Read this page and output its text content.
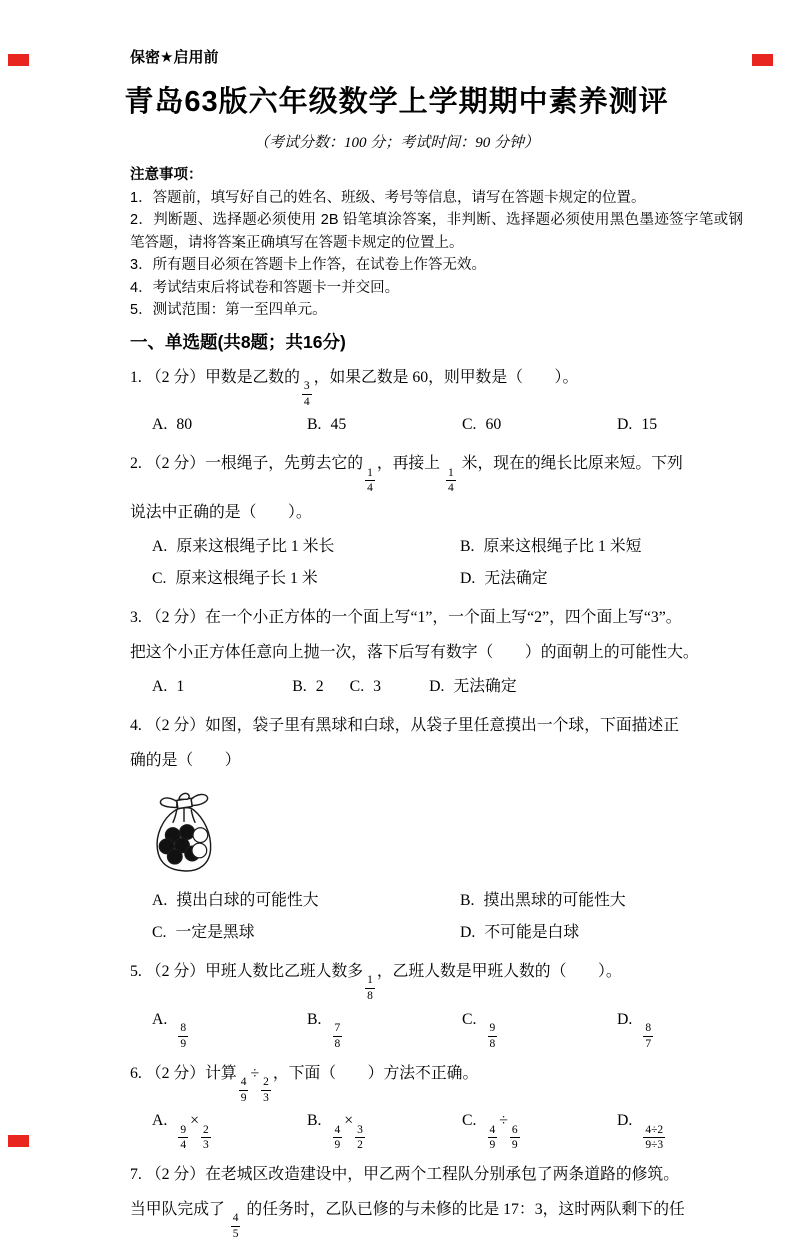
保密★启用前
青岛63版六年级数学上学期期中素养测评
（考试分数：100 分；考试时间：90 分钟）
注意事项：
1．答题前，填写好自己的姓名、班级、考号等信息，请写在答题卡规定的位置。
2．判断题、选择题必须使用 2B 铅笔填涂答案，非判断、选择题必须使用黑色墨迹签字笔或钢笔答题，请将答案正确填写在答题卡规定的位置上。
3．所有题目必须在答题卡上作答，在试卷上作答无效。
4．考试结束后将试卷和答题卡一并交回。
5．测试范围：第一至四单元。
一、单选题(共8题；共16分)
1. （2 分）甲数是乙数的
$\frac{3}{4}$
，如果乙数是 60，则甲数是（　　）。
A. 80	B. 45	C. 60	D. 15
2. （2 分）一根绳子，先剪去它的
$\frac{1}{4}$
，再接上
$\frac{1}{4}$
米，现在的绳长比原来短。下列
说法中正确的是（　　）。
A. 原来这根绳子比 1 米长	B. 原来这根绳子比 1 米短
C. 原来这根绳子长 1 米	D. 无法确定
3. （2 分）在一个小正方体的一个面上写“1”，一个面上写“2”，四个面上写“3”。
把这个小正方体任意向上抛一次，落下后写有数字（　　）的面朝上的可能性大。
A. 1	B. 2 C. 3	D. 无法确定
4. （2 分）如图，袋子里有黑球和白球，从袋子里任意摸出一个球，下面描述正
确的是（　　）
A. 摸出白球的可能性大	B. 摸出黑球的可能性大
C. 一定是黑球	D. 不可能是白球
5. （2 分）甲班人数比乙班人数多
$\frac{1}{8}$
，乙班人数是甲班人数的（　　）。
A.
$\frac{8}{9}$
B.
$\frac{7}{8}$
C.
$\frac{9}{8}$
D.
$\frac{8}{7}$
6. （2 分）计算
$\frac{4}{9}$
÷
$\frac{2}{3}$
，下面（　　）方法不正确。
A.
$\frac{9}{4}$
×
$\frac{2}{3}$
B.
$\frac{4}{9}$
×
$\frac{3}{2}$
C.
$\frac{4}{9}$
÷
$\frac{6}{9}$
D.
$\frac{4\div 2}{9\div 3}$
7. （2 分）在老城区改造建设中，甲乙两个工程队分别承包了两条道路的修筑。
当甲队完成了
$\frac{4}{5}$
的任务时，乙队已修的与未修的比是 17：3，这时两队剩下的任
